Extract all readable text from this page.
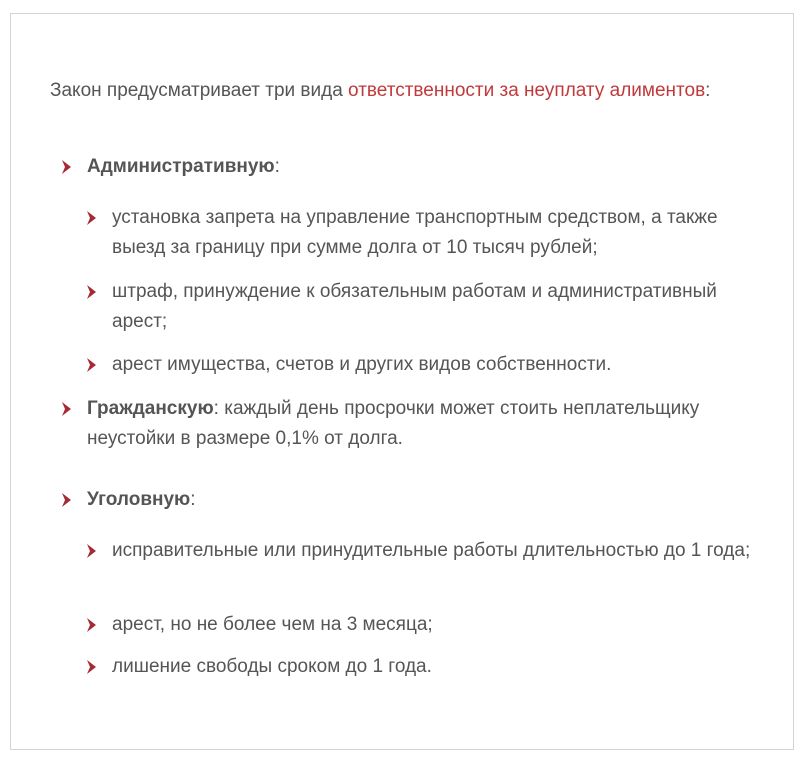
Закон предусматривает три вида ответственности за неуплату алиментов:

Административную:
установка запрета на управление транспортным средством, а также выезд за границу при сумме долга от 10 тысяч рублей;
штраф, принуждение к обязательным работам и административный арест;
арест имущества, счетов и других видов собственности.
Гражданскую: каждый день просрочки может стоить неплательщику неустойки в размере 0,1% от долга.
Уголовную:
исправительные или принудительные работы длительностью до 1 года;
арест, но не более чем на 3 месяца;
лишение свободы сроком до 1 года.
